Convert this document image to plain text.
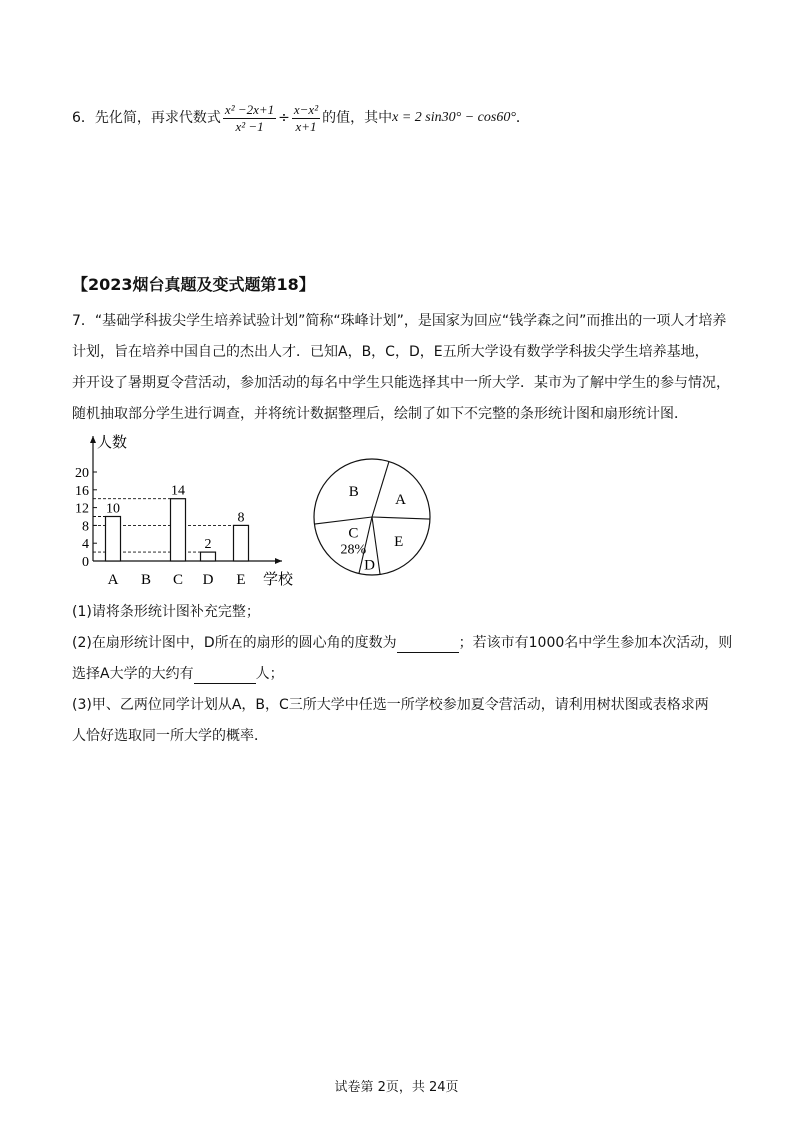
6． 先化简，再求代数式 $\frac{\text{x² −2x+1}}{\text{x² −1}} \div \frac{\text{x−x²}}{x+1}$ 的值，其中 x = 2 sin30° − cos60° ．
【2023烟台真题及变式题第18】
7．“基础学科拔尖学生培养试验计划”简称“珠峰计划”，是国家为回应“钱学森之问”而推出的一项人才培养
计划，旨在培养中国自己的杰出人才．已知A，B，C，D，E五所大学设有数学学科拔尖学生培养基地，
并开设了暑期夏令营活动，参加活动的每名中学生只能选择其中一所大学．某市为了解中学生的参与情况，
随机抽取部分学生进行调查，并将统计数据整理后，绘制了如下不完整的条形统计图和扇形统计图．
人数
学校
0
4
8
12
16
20
10
A B
14
C
2
D
8
E
A
B
C
28%
D
E
(1)请将条形统计图补充完整；
(2)在扇形统计图中，D所在的扇形的圆心角的度数为	；若该市有1000名中学生参加本次活动，则
选择A大学的大约有	人；
(3)甲、乙两位同学计划从A，B，C三所大学中任选一所学校参加夏令营活动，请利用树状图或表格求两
人恰好选取同一所大学的概率．
试卷第 2页，共 24页
